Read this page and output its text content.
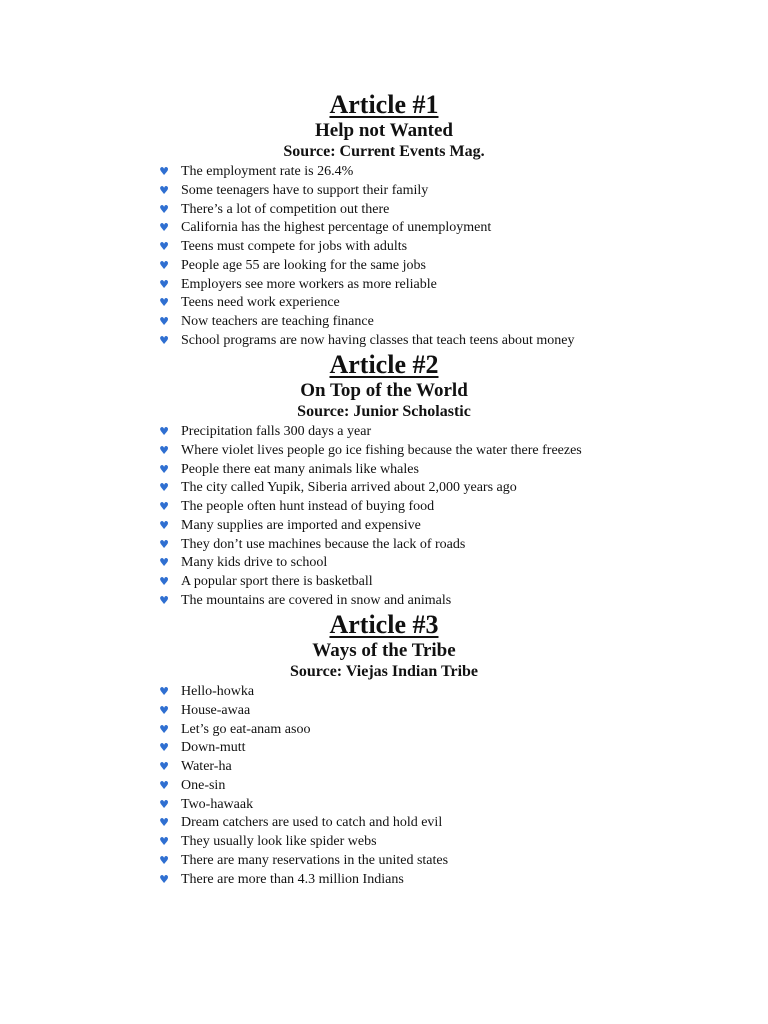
Article #1
Help not Wanted
Source: Current Events Mag.
♥ The employment rate is 26.4%
♥ Some teenagers have to support their family
♥ There’s a lot of competition out there
♥ California has the highest percentage of unemployment
♥ Teens must compete for jobs with adults
♥ People age 55 are looking for the same jobs
♥ Employers see more workers as more reliable
♥ Teens need work experience
♥ Now teachers are teaching finance
♥ School programs are now having classes that teach teens about money
Article #2
On Top of the World
Source: Junior Scholastic
♥ Precipitation falls 300 days a year
♥ Where violet lives people go ice fishing because the water there freezes
♥ People there eat many animals like whales
♥ The city called Yupik, Siberia arrived about 2,000 years ago
♥ The people often hunt instead of buying food
♥ Many supplies are imported and expensive
♥ They don’t use machines because the lack of roads
♥ Many kids drive to school
♥ A popular sport there is basketball
♥ The mountains are covered in snow and animals
Article #3
Ways of the Tribe
Source: Viejas Indian Tribe
♥ Hello-howka
♥ House-awaa
♥ Let’s go eat-anam asoo
♥ Down-mutt
♥ Water-ha
♥ One-sin
♥ Two-hawaak
♥ Dream catchers are used to catch and hold evil
♥ They usually look like spider webs
♥ There are many reservations in the united states
♥ There are more than 4.3 million Indians
